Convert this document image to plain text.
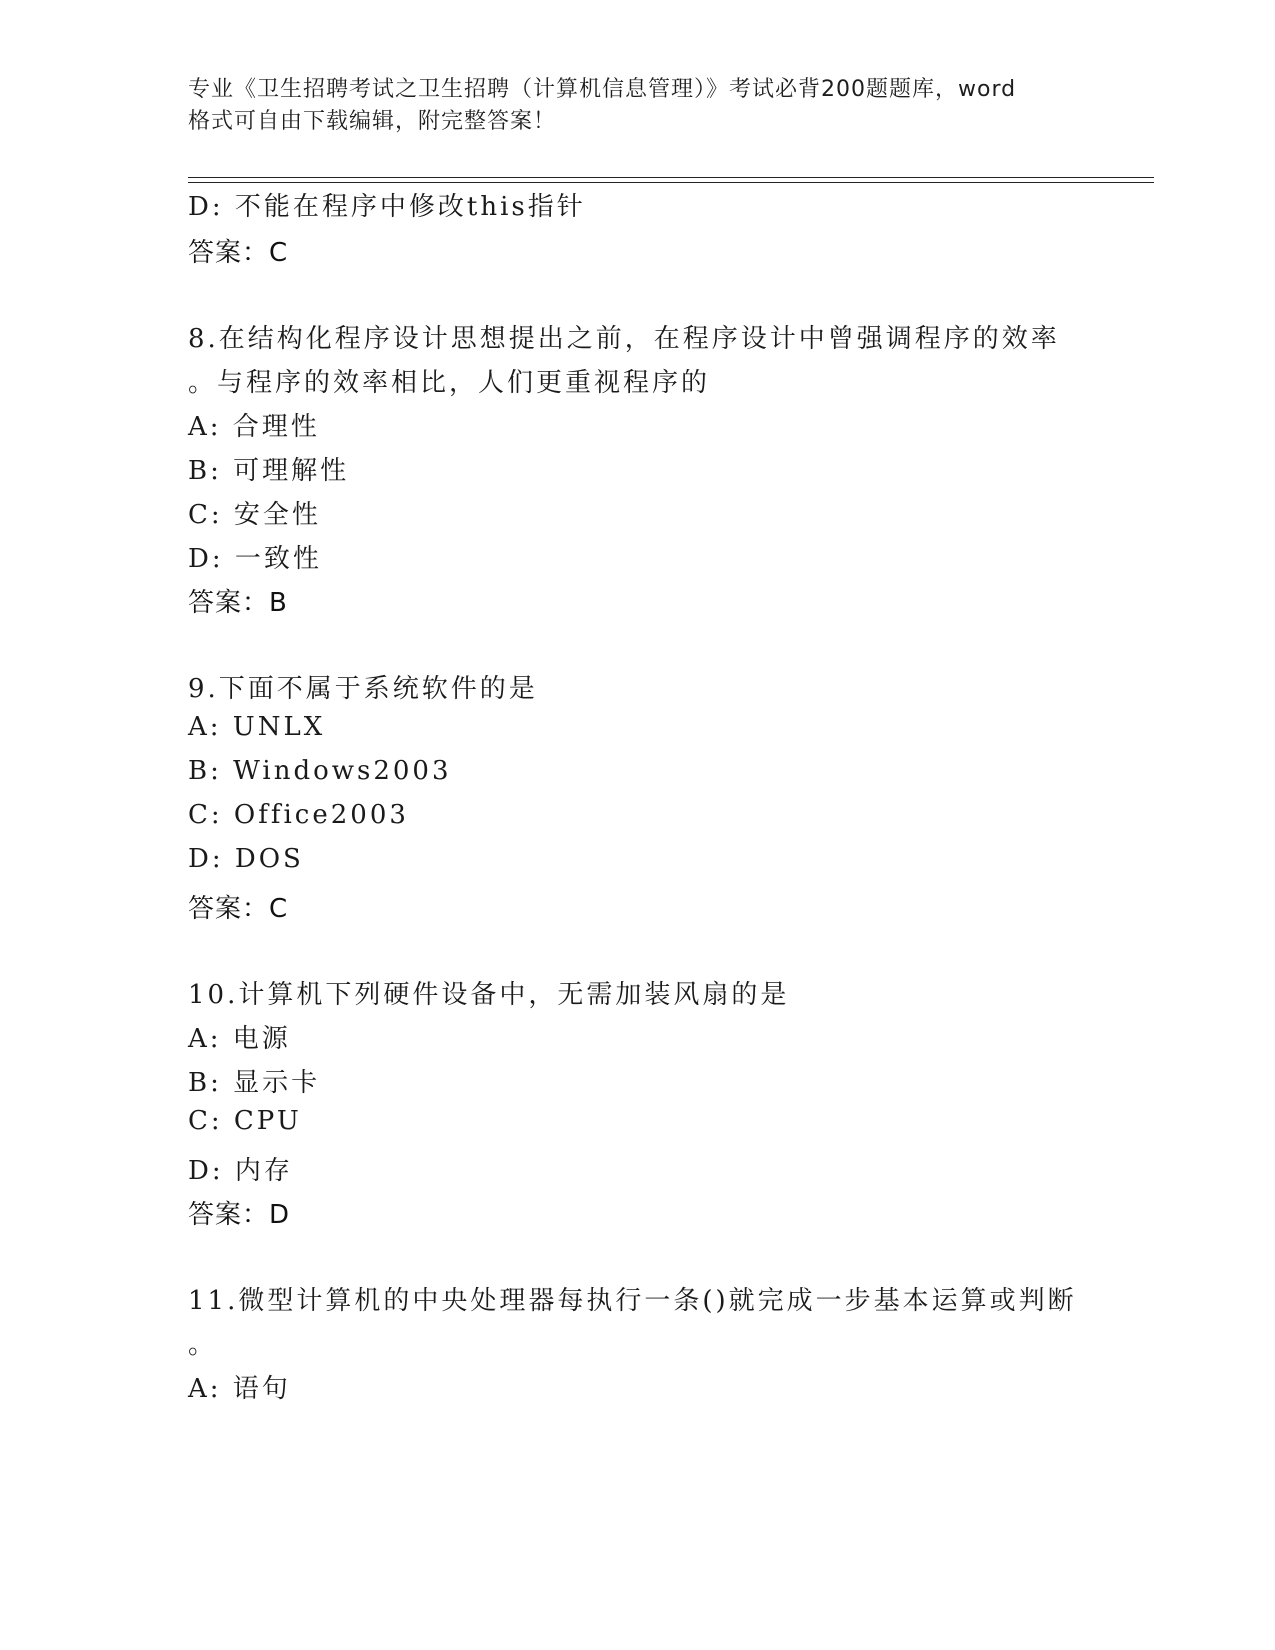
专业《卫生招聘考试之卫生招聘（计算机信息管理）》考试必背200题题库，word
格式可自由下载编辑，附完整答案！
D: 不能在程序中修改this指针
答案：C
8.在结构化程序设计思想提出之前，在程序设计中曾强调程序的效率
。与程序的效率相比，人们更重视程序的
A: 合理性
B: 可理解性
C: 安全性
D: 一致性
答案：B
9.下面不属于系统软件的是
A: UNLX
B: Windows2003
C: Office2003
D: DOS
答案：C
10.计算机下列硬件设备中，无需加装风扇的是
A: 电源
B: 显示卡
C: CPU
D: 内存
答案：D
11.微型计算机的中央处理器每执行一条()就完成一步基本运算或判断
。
A: 语句
